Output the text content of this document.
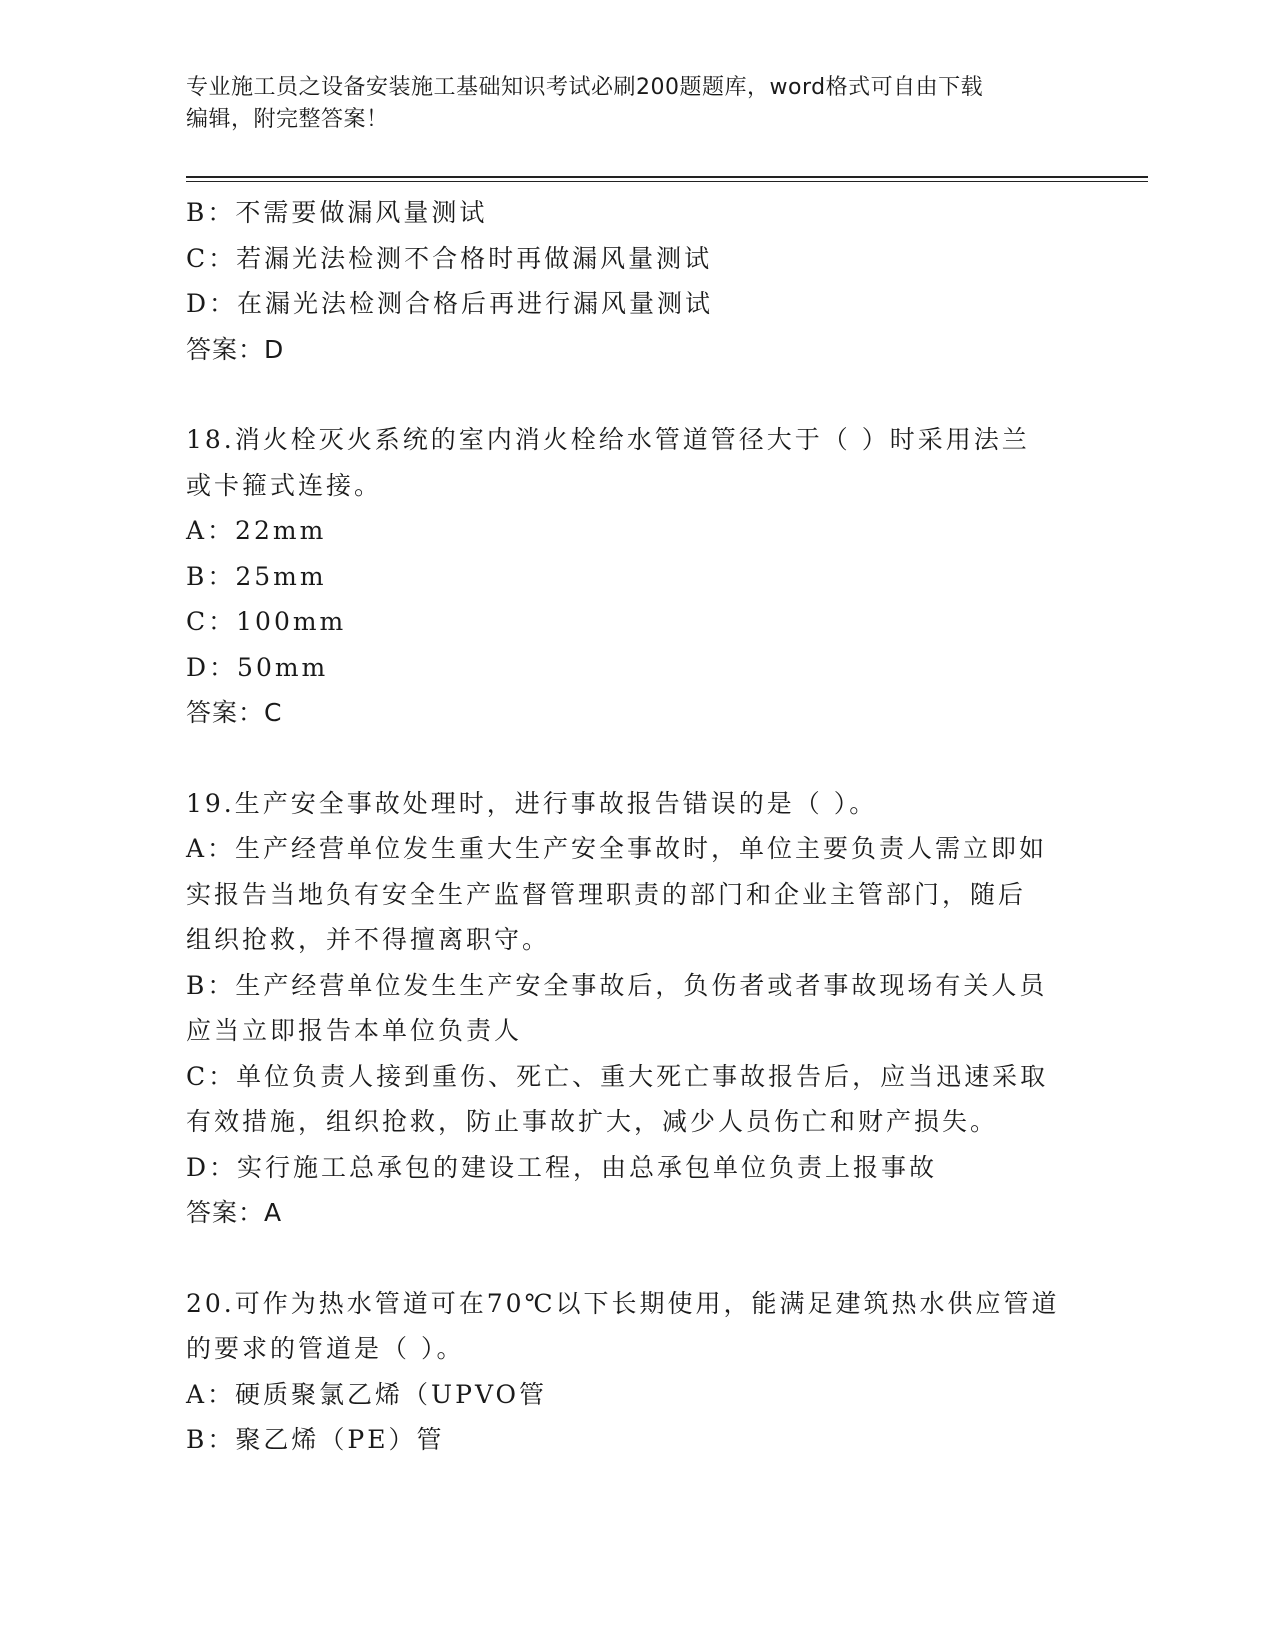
专业施工员之设备安装施工基础知识考试必刷200题题库，word格式可自由下载
编辑，附完整答案！
B：不需要做漏风量测试
C：若漏光法检测不合格时再做漏风量测试
D：在漏光法检测合格后再进行漏风量测试
答案：D
18.消火栓灭火系统的室内消火栓给水管道管径大于（ ）时采用法兰
或卡箍式连接。
A：22mm
B：25mm
C：100mm
D：50mm
答案：C
19.生产安全事故处理时，进行事故报告错误的是（ ）。
A：生产经营单位发生重大生产安全事故时，单位主要负责人需立即如
实报告当地负有安全生产监督管理职责的部门和企业主管部门，随后
组织抢救，并不得擅离职守。
B：生产经营单位发生生产安全事故后，负伤者或者事故现场有关人员
应当立即报告本单位负责人
C：单位负责人接到重伤、死亡、重大死亡事故报告后，应当迅速采取
有效措施，组织抢救，防止事故扩大，减少人员伤亡和财产损失。
D：实行施工总承包的建设工程，由总承包单位负责上报事故
答案：A
20.可作为热水管道可在70℃以下长期使用，能满足建筑热水供应管道
的要求的管道是（ ）。
A：硬质聚氯乙烯（UPVO管
B：聚乙烯（PE）管
